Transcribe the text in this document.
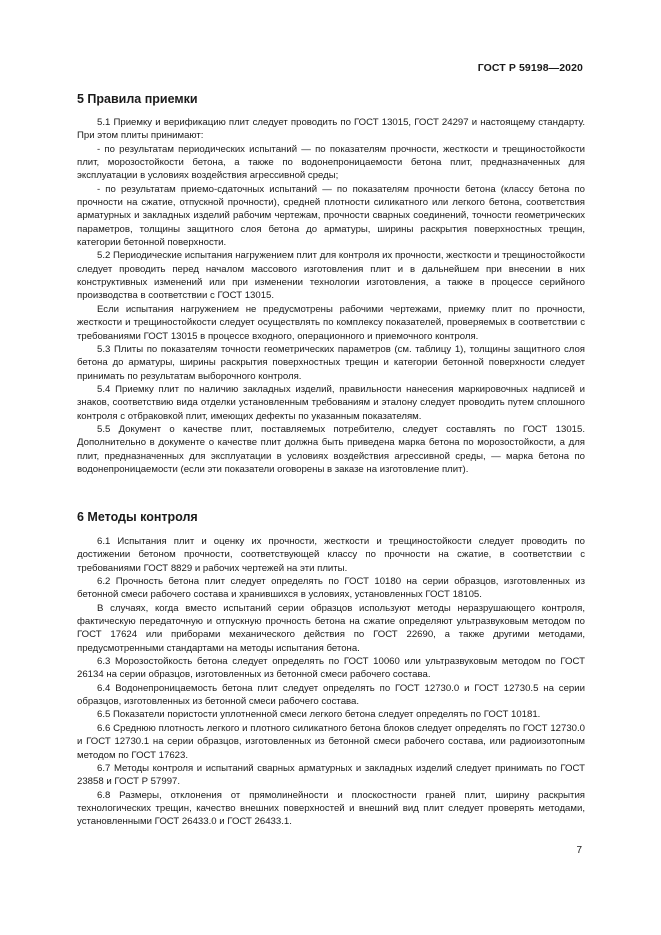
ГОСТ Р 59198—2020
5 Правила приемки

5.1 Приемку и верификацию плит следует проводить по ГОСТ 13015, ГОСТ 24297 и настоящему стандарту. При этом плиты принимают:

- по результатам периодических испытаний — по показателям прочности, жесткости и трещиностойкости плит, морозостойкости бетона, а также по водонепроницаемости бетона плит, предназначенных для эксплуатации в условиях воздействия агрессивной среды;

- по результатам приемо-сдаточных испытаний — по показателям прочности бетона (классу бетона по прочности на сжатие, отпускной прочности), средней плотности силикатного или легкого бетона, соответствия арматурных и закладных изделий рабочим чертежам, прочности сварных соединений, точности геометрических параметров, толщины защитного слоя бетона до арматуры, ширины раскрытия поверхностных трещин, категории бетонной поверхности.

5.2 Периодические испытания нагружением плит для контроля их прочности, жесткости и трещиностойкости следует проводить перед началом массового изготовления плит и в дальнейшем при внесении в них конструктивных изменений или при изменении технологии изготовления, а также в процессе серийного производства в соответствии с ГОСТ 13015.

Если испытания нагружением не предусмотрены рабочими чертежами, приемку плит по прочности, жесткости и трещиностойкости следует осуществлять по комплексу показателей, проверяемых в соответствии с требованиями ГОСТ 13015 в процессе входного, операционного и приемочного контроля.

5.3 Плиты по показателям точности геометрических параметров (см. таблицу 1), толщины защитного слоя бетона до арматуры, ширины раскрытия поверхностных трещин и категории бетонной поверхности следует принимать по результатам выборочного контроля.

5.4 Приемку плит по наличию закладных изделий, правильности нанесения маркировочных надписей и знаков, соответствию вида отделки установленным требованиям и эталону следует проводить путем сплошного контроля с отбраковкой плит, имеющих дефекты по указанным показателям.

5.5 Документ о качестве плит, поставляемых потребителю, следует составлять по ГОСТ 13015. Дополнительно в документе о качестве плит должна быть приведена марка бетона по морозостойкости, а для плит, предназначенных для эксплуатации в условиях воздействия агрессивной среды, — марка бетона по водонепроницаемости (если эти показатели оговорены в заказе на изготовление плит).

6 Методы контроля

6.1 Испытания плит и оценку их прочности, жесткости и трещиностойкости следует проводить по достижении бетоном прочности, соответствующей классу по прочности на сжатие, в соответствии с требованиями ГОСТ 8829 и рабочих чертежей на эти плиты.

6.2 Прочность бетона плит следует определять по ГОСТ 10180 на серии образцов, изготовленных из бетонной смеси рабочего состава и хранившихся в условиях, установленных ГОСТ 18105.

В случаях, когда вместо испытаний серии образцов используют методы неразрушающего контроля, фактическую передаточную и отпускную прочность бетона на сжатие определяют ультразвуковым методом по ГОСТ 17624 или приборами механического действия по ГОСТ 22690, а также другими методами, предусмотренными стандартами на методы испытания бетона.

6.3 Морозостойкость бетона следует определять по ГОСТ 10060 или ультразвуковым методом по ГОСТ 26134 на серии образцов, изготовленных из бетонной смеси рабочего состава.

6.4 Водонепроницаемость бетона плит следует определять по ГОСТ 12730.0 и ГОСТ 12730.5 на серии образцов, изготовленных из бетонной смеси рабочего состава.

6.5 Показатели пористости уплотненной смеси легкого бетона следует определять по ГОСТ 10181.

6.6 Среднюю плотность легкого и плотного силикатного бетона блоков следует определять по ГОСТ 12730.0 и ГОСТ 12730.1 на серии образцов, изготовленных из бетонной смеси рабочего состава, или радиоизотопным методом по ГОСТ 17623.

6.7 Методы контроля и испытаний сварных арматурных и закладных изделий следует принимать по ГОСТ 23858 и ГОСТ Р 57997.

6.8 Размеры, отклонения от прямолинейности и плоскостности граней плит, ширину раскрытия технологических трещин, качество внешних поверхностей и внешний вид плит следует проверять методами, установленными ГОСТ 26433.0 и ГОСТ 26433.1.

7
